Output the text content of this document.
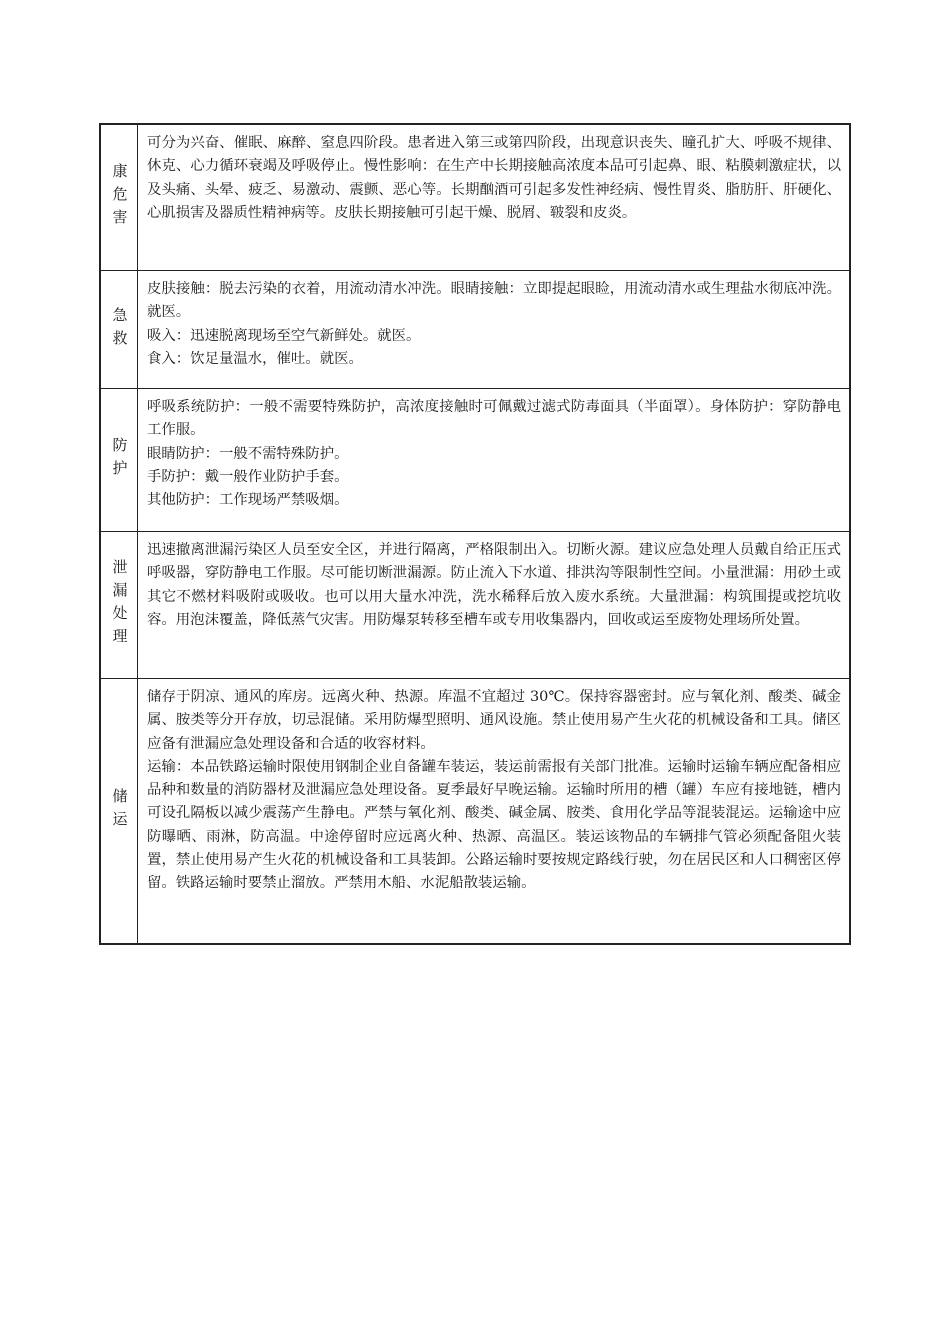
康危害

可分为兴奋、催眠、麻醉、窒息四阶段。患者进入第三或第四阶段，出现意识丧失、瞳孔扩大、呼吸不规律、休克、心力循环衰竭及呼吸停止。慢性影响：在生产中长期接触高浓度本品可引起鼻、眼、粘膜刺激症状，以及头痛、头晕、疲乏、易激动、震颤、恶心等。长期酗酒可引起多发性神经病、慢性胃炎、脂肪肝、肝硬化、心肌损害及器质性精神病等。皮肤长期接触可引起干燥、脱屑、皲裂和皮炎。

急救

皮肤接触：脱去污染的衣着，用流动清水冲洗。眼睛接触：立即提起眼睑，用流动清水或生理盐水彻底冲洗。就医。

吸入：迅速脱离现场至空气新鲜处。就医。

食入：饮足量温水，催吐。就医。

防护

呼吸系统防护：一般不需要特殊防护，高浓度接触时可佩戴过滤式防毒面具（半面罩）。身体防护：穿防静电工作服。

眼睛防护：一般不需特殊防护。

手防护：戴一般作业防护手套。

其他防护：工作现场严禁吸烟。

泄漏处理

迅速撤离泄漏污染区人员至安全区，并进行隔离，严格限制出入。切断火源。建议应急处理人员戴自给正压式呼吸器，穿防静电工作服。尽可能切断泄漏源。防止流入下水道、排洪沟等限制性空间。小量泄漏：用砂土或其它不燃材料吸附或吸收。也可以用大量水冲洗，洗水稀释后放入废水系统。大量泄漏：构筑围提或挖坑收容。用泡沫覆盖，降低蒸气灾害。用防爆泵转移至槽车或专用收集器内，回收或运至废物处理场所处置。

储运

储存于阴凉、通风的库房。远离火种、热源。库温不宜超过 30℃。保持容器密封。应与氧化剂、酸类、碱金属、胺类等分开存放，切忌混储。采用防爆型照明、通风设施。禁止使用易产生火花的机械设备和工具。储区应备有泄漏应急处理设备和合适的收容材料。

运输：本品铁路运输时限使用钢制企业自备罐车装运，装运前需报有关部门批准。运输时运输车辆应配备相应品种和数量的消防器材及泄漏应急处理设备。夏季最好早晚运输。运输时所用的槽（罐）车应有接地链，槽内可设孔隔板以减少震荡产生静电。严禁与氧化剂、酸类、碱金属、胺类、食用化学品等混装混运。运输途中应防曝晒、雨淋，防高温。中途停留时应远离火种、热源、高温区。装运该物品的车辆排气管必须配备阻火装置，禁止使用易产生火花的机械设备和工具装卸。公路运输时要按规定路线行驶，勿在居民区和人口稠密区停留。铁路运输时要禁止溜放。严禁用木船、水泥船散装运输。
